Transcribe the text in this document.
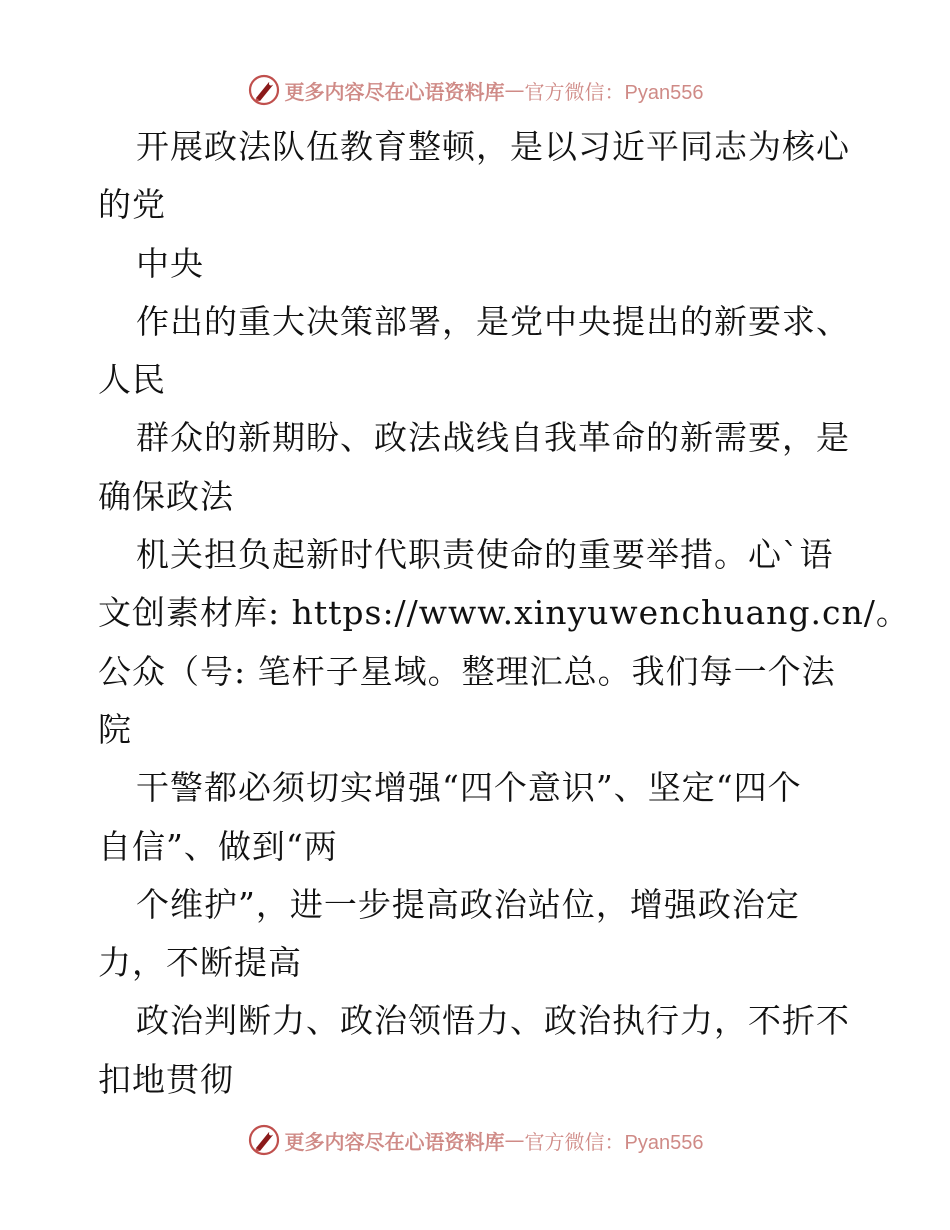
更多内容尽在心语资料库 — 官方微信：Pyan556
开展政法队伍教育整顿，是以习近平同志为核心
的党
中央
作出的重大决策部署，是党中央提出的新要求、
人民
群众的新期盼、政法战线自我革命的新需要，是
确保政法
机关担负起新时代职责使命的重要举措。心`语
文创素材库: https://www.xinyuwenchuang.cn/。
公众（号: 笔杆子星域。整理汇总。我们每一个法
院
干警都必须切实增强“四个意识”、坚定“四个
自信”、做到“两
个维护”，进一步提高政治站位，增强政治定
力，不断提高
政治判断力、政治领悟力、政治执行力，不折不
扣地贯彻
更多内容尽在心语资料库 — 官方微信：Pyan556
